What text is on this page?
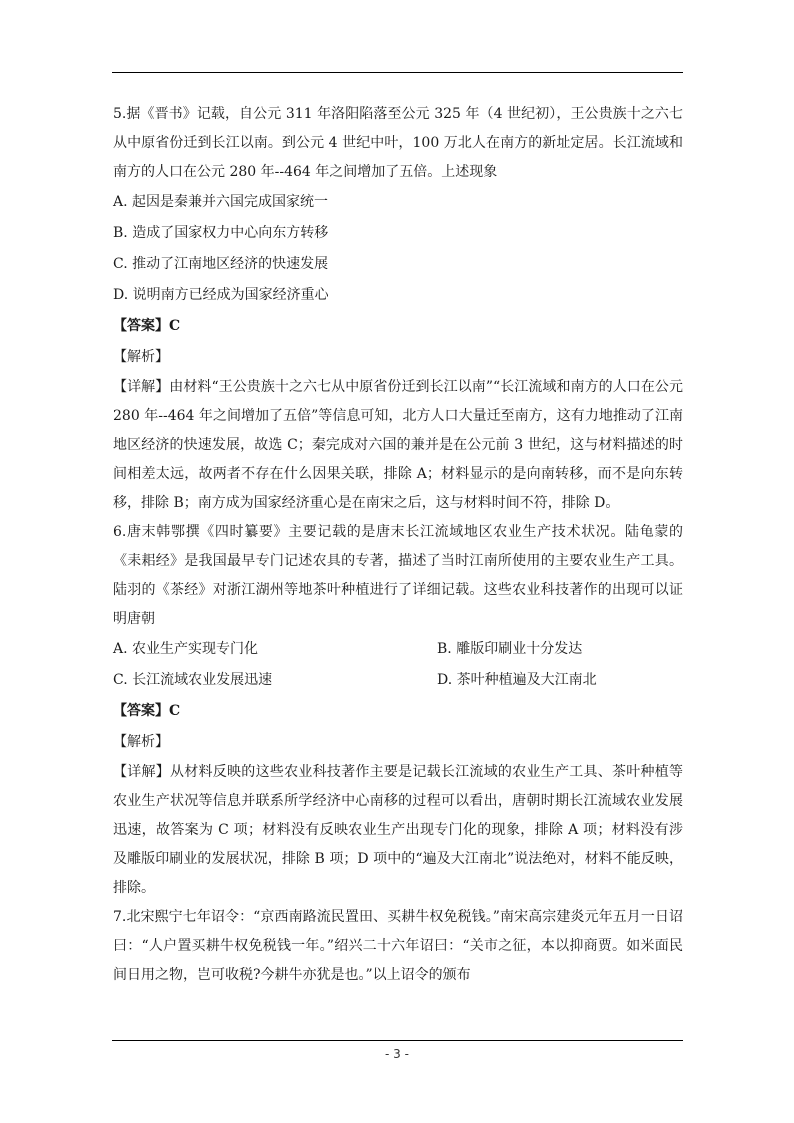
5.据《晋书》记载，自公元 311 年洛阳陷落至公元 325 年（4 世纪初），王公贵族十之六七从中原省份迁到长江以南。到公元 4 世纪中叶，100 万北人在南方的新址定居。长江流域和南方的人口在公元 280 年--464 年之间增加了五倍。上述现象

A. 起因是秦兼并六国完成国家统一

B. 造成了国家权力中心向东方转移

C. 推动了江南地区经济的快速发展

D. 说明南方已经成为国家经济重心

【答案】C

【解析】

【详解】由材料“王公贵族十之六七从中原省份迁到长江以南”“长江流域和南方的人口在公元 280 年--464 年之间增加了五倍”等信息可知，北方人口大量迁至南方，这有力地推动了江南地区经济的快速发展，故选 C；秦完成对六国的兼并是在公元前 3 世纪，这与材料描述的时间相差太远，故两者不存在什么因果关联，排除 A；材料显示的是向南转移，而不是向东转移，排除 B；南方成为国家经济重心是在南宋之后，这与材料时间不符，排除 D。

6.唐末韩鄂撰《四时纂要》主要记载的是唐末长江流域地区农业生产技术状况。陆龟蒙的《耒耜经》是我国最早专门记述农具的专著，描述了当时江南所使用的主要农业生产工具。陆羽的《茶经》对浙江湖州等地茶叶种植进行了详细记载。这些农业科技著作的出现可以证明唐朝

A. 农业生产实现专门化	B. 雕版印刷业十分发达
C. 长江流域农业发展迅速	D. 茶叶种植遍及大江南北

【答案】C

【解析】

【详解】从材料反映的这些农业科技著作主要是记载长江流域的农业生产工具、茶叶种植等农业生产状况等信息并联系所学经济中心南移的过程可以看出，唐朝时期长江流域农业发展迅速，故答案为 C 项；材料没有反映农业生产出现专门化的现象，排除 A 项；材料没有涉及雕版印刷业的发展状况，排除 B 项；D 项中的“遍及大江南北”说法绝对，材料不能反映，排除。

7.北宋熙宁七年诏令：“京西南路流民置田、买耕牛权免税钱。”南宋高宗建炎元年五月一日诏曰：“人户置买耕牛权免税钱一年。”绍兴二十六年诏曰：“关市之征，本以抑商贾。如米面民间日用之物，岂可收税?今耕牛亦犹是也。”以上诏令的颁布

- 3 -
